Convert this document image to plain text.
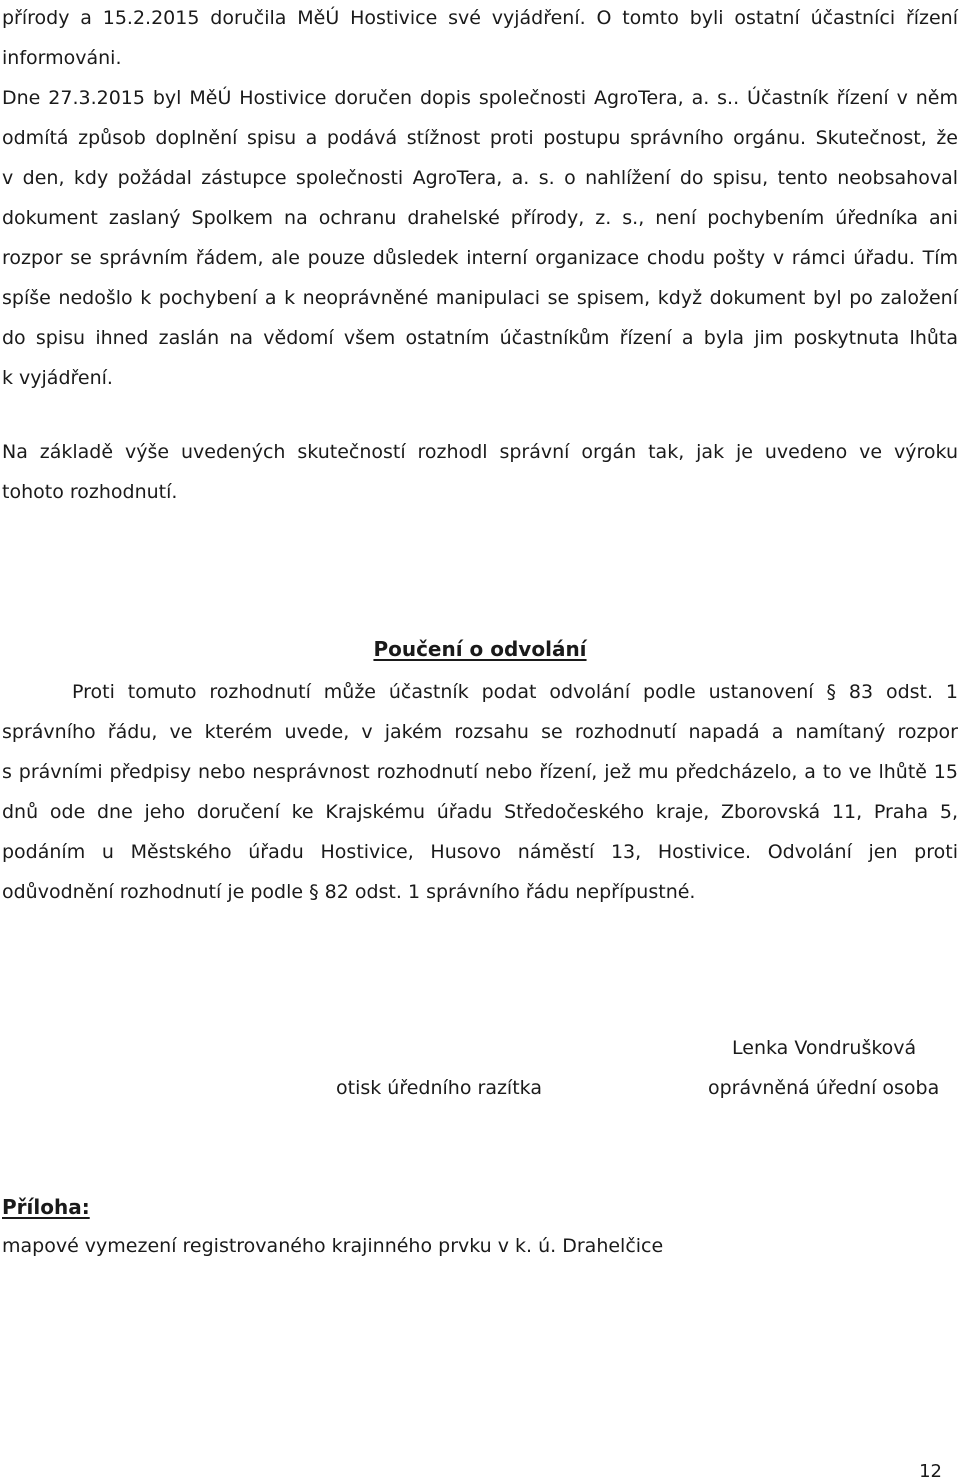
přírody a 15.2.2015 doručila MěÚ Hostivice své vyjádření. O tomto byli ostatní účastníci řízení
informováni.
Dne 27.3.2015 byl MěÚ Hostivice doručen dopis společnosti AgroTera, a. s.. Účastník řízení v něm
odmítá způsob doplnění spisu a podává stížnost proti postupu správního orgánu. Skutečnost, že
v den, kdy požádal zástupce společnosti AgroTera, a. s. o nahlížení do spisu, tento neobsahoval
dokument zaslaný Spolkem na ochranu drahelské přírody, z. s., není pochybením úředníka ani
rozpor se správním řádem, ale pouze důsledek interní organizace chodu pošty v rámci úřadu. Tím
spíše nedošlo k pochybení a k neoprávněné manipulaci se spisem, když dokument byl po založení
do spisu ihned zaslán na vědomí všem ostatním účastníkům řízení a byla jim poskytnuta lhůta
k vyjádření.
Na základě výše uvedených skutečností rozhodl správní orgán tak, jak je uvedeno ve výroku
tohoto rozhodnutí.
Poučení o odvolání
Proti tomuto rozhodnutí může účastník podat odvolání podle ustanovení § 83 odst. 1
správního řádu, ve kterém uvede, v jakém rozsahu se rozhodnutí napadá a namítaný rozpor
s právními předpisy nebo nesprávnost rozhodnutí nebo řízení, jež mu předcházelo, a to ve lhůtě 15
dnů ode dne jeho doručení ke Krajskému úřadu Středočeského kraje, Zborovská 11, Praha 5,
podáním u Městského úřadu Hostivice, Husovo náměstí 13, Hostivice. Odvolání jen proti
odůvodnění rozhodnutí je podle § 82 odst. 1 správního řádu nepřípustné.
Lenka Vondrušková
otisk úředního razítka	oprávněná úřední osoba
Příloha:
mapové vymezení registrovaného krajinného prvku v k. ú. Drahelčice
12
